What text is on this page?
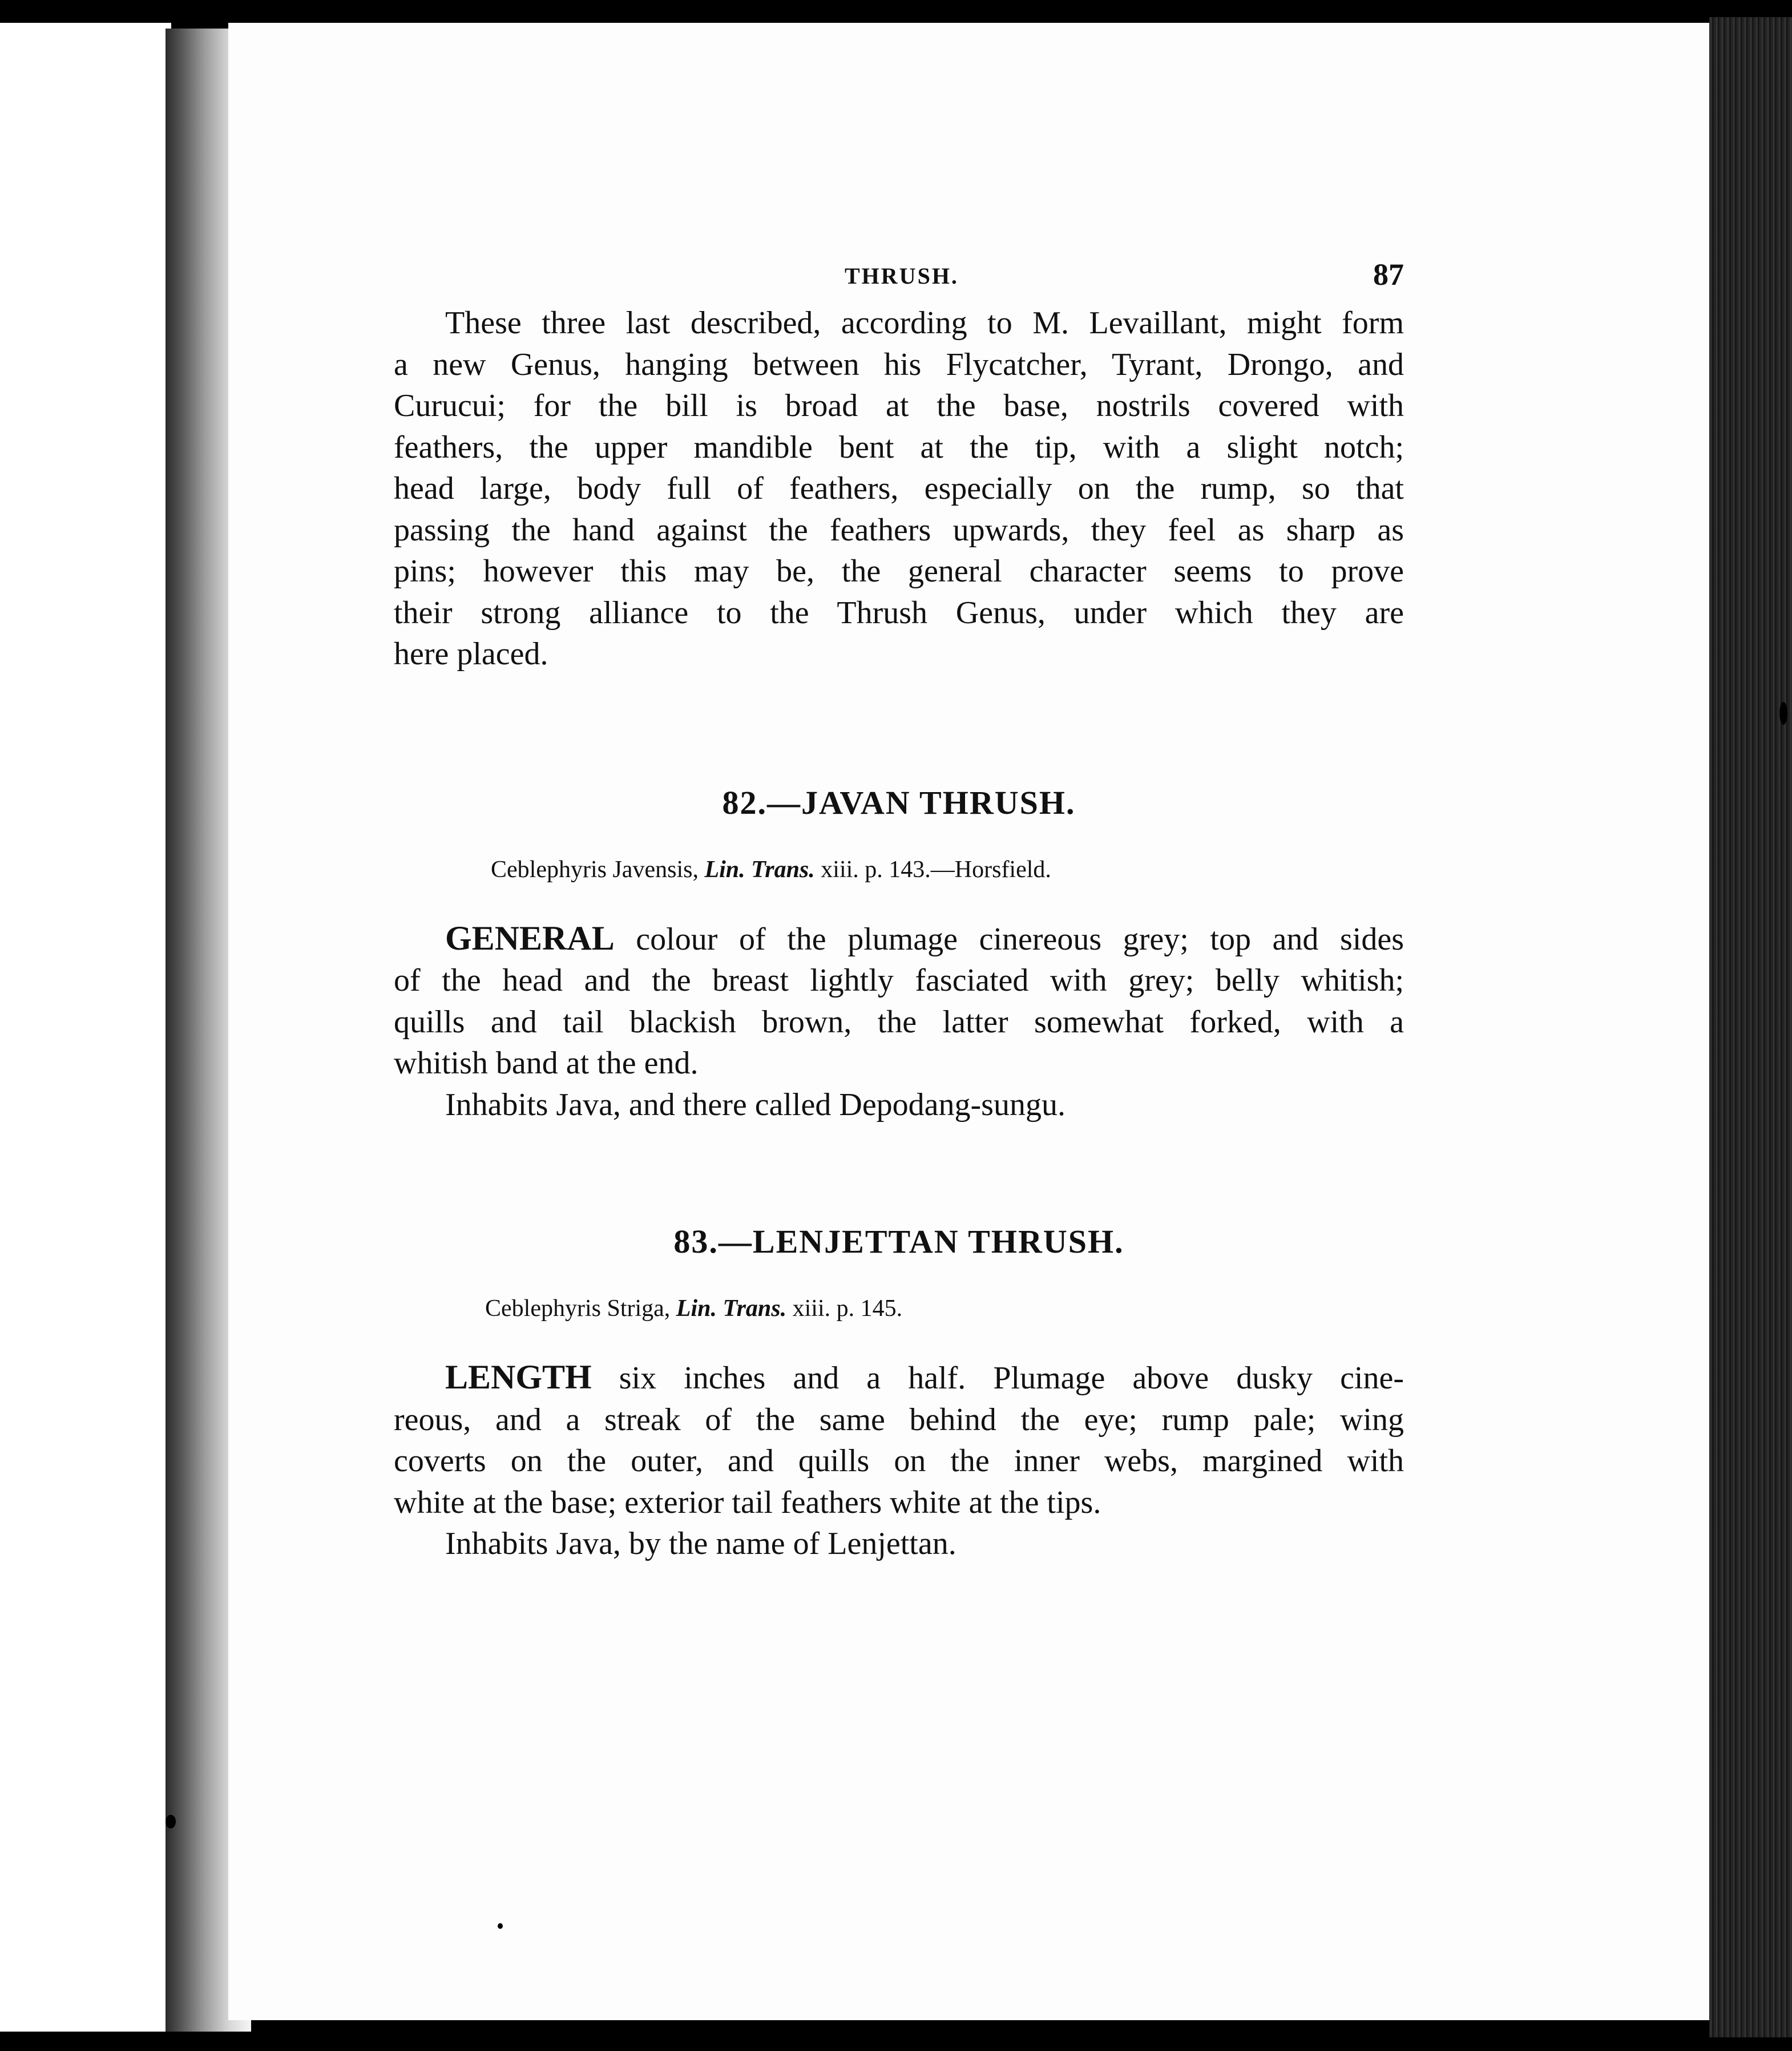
THRUSH.	87

These three last described, according to M. Levaillant, might form

a new Genus, hanging between his Flycatcher, Tyrant, Drongo, and

Curucui; for the bill is broad at the base, nostrils covered with

feathers, the upper mandible bent at the tip, with a slight notch;

head large, body full of feathers, especially on the rump, so that

passing the hand against the feathers upwards, they feel as sharp as

pins; however this may be, the general character seems to prove

their strong alliance to the Thrush Genus, under which they are

here placed.

82.—JAVAN THRUSH.

Ceblephyris Javensis, Lin. Trans. xiii. p. 143.—Horsfield.

GENERAL colour of the plumage cinereous grey; top and sides

of the head and the breast lightly fasciated with grey; belly whitish;

quills and tail blackish brown, the latter somewhat forked, with a

whitish band at the end.

Inhabits Java, and there called Depodang-sungu.

83.—LENJETTAN THRUSH.

Ceblephyris Striga, Lin. Trans. xiii. p. 145.

LENGTH six inches and a half. Plumage above dusky cine-

reous, and a streak of the same behind the eye; rump pale; wing

coverts on the outer, and quills on the inner webs, margined with

white at the base; exterior tail feathers white at the tips.

Inhabits Java, by the name of Lenjettan.
